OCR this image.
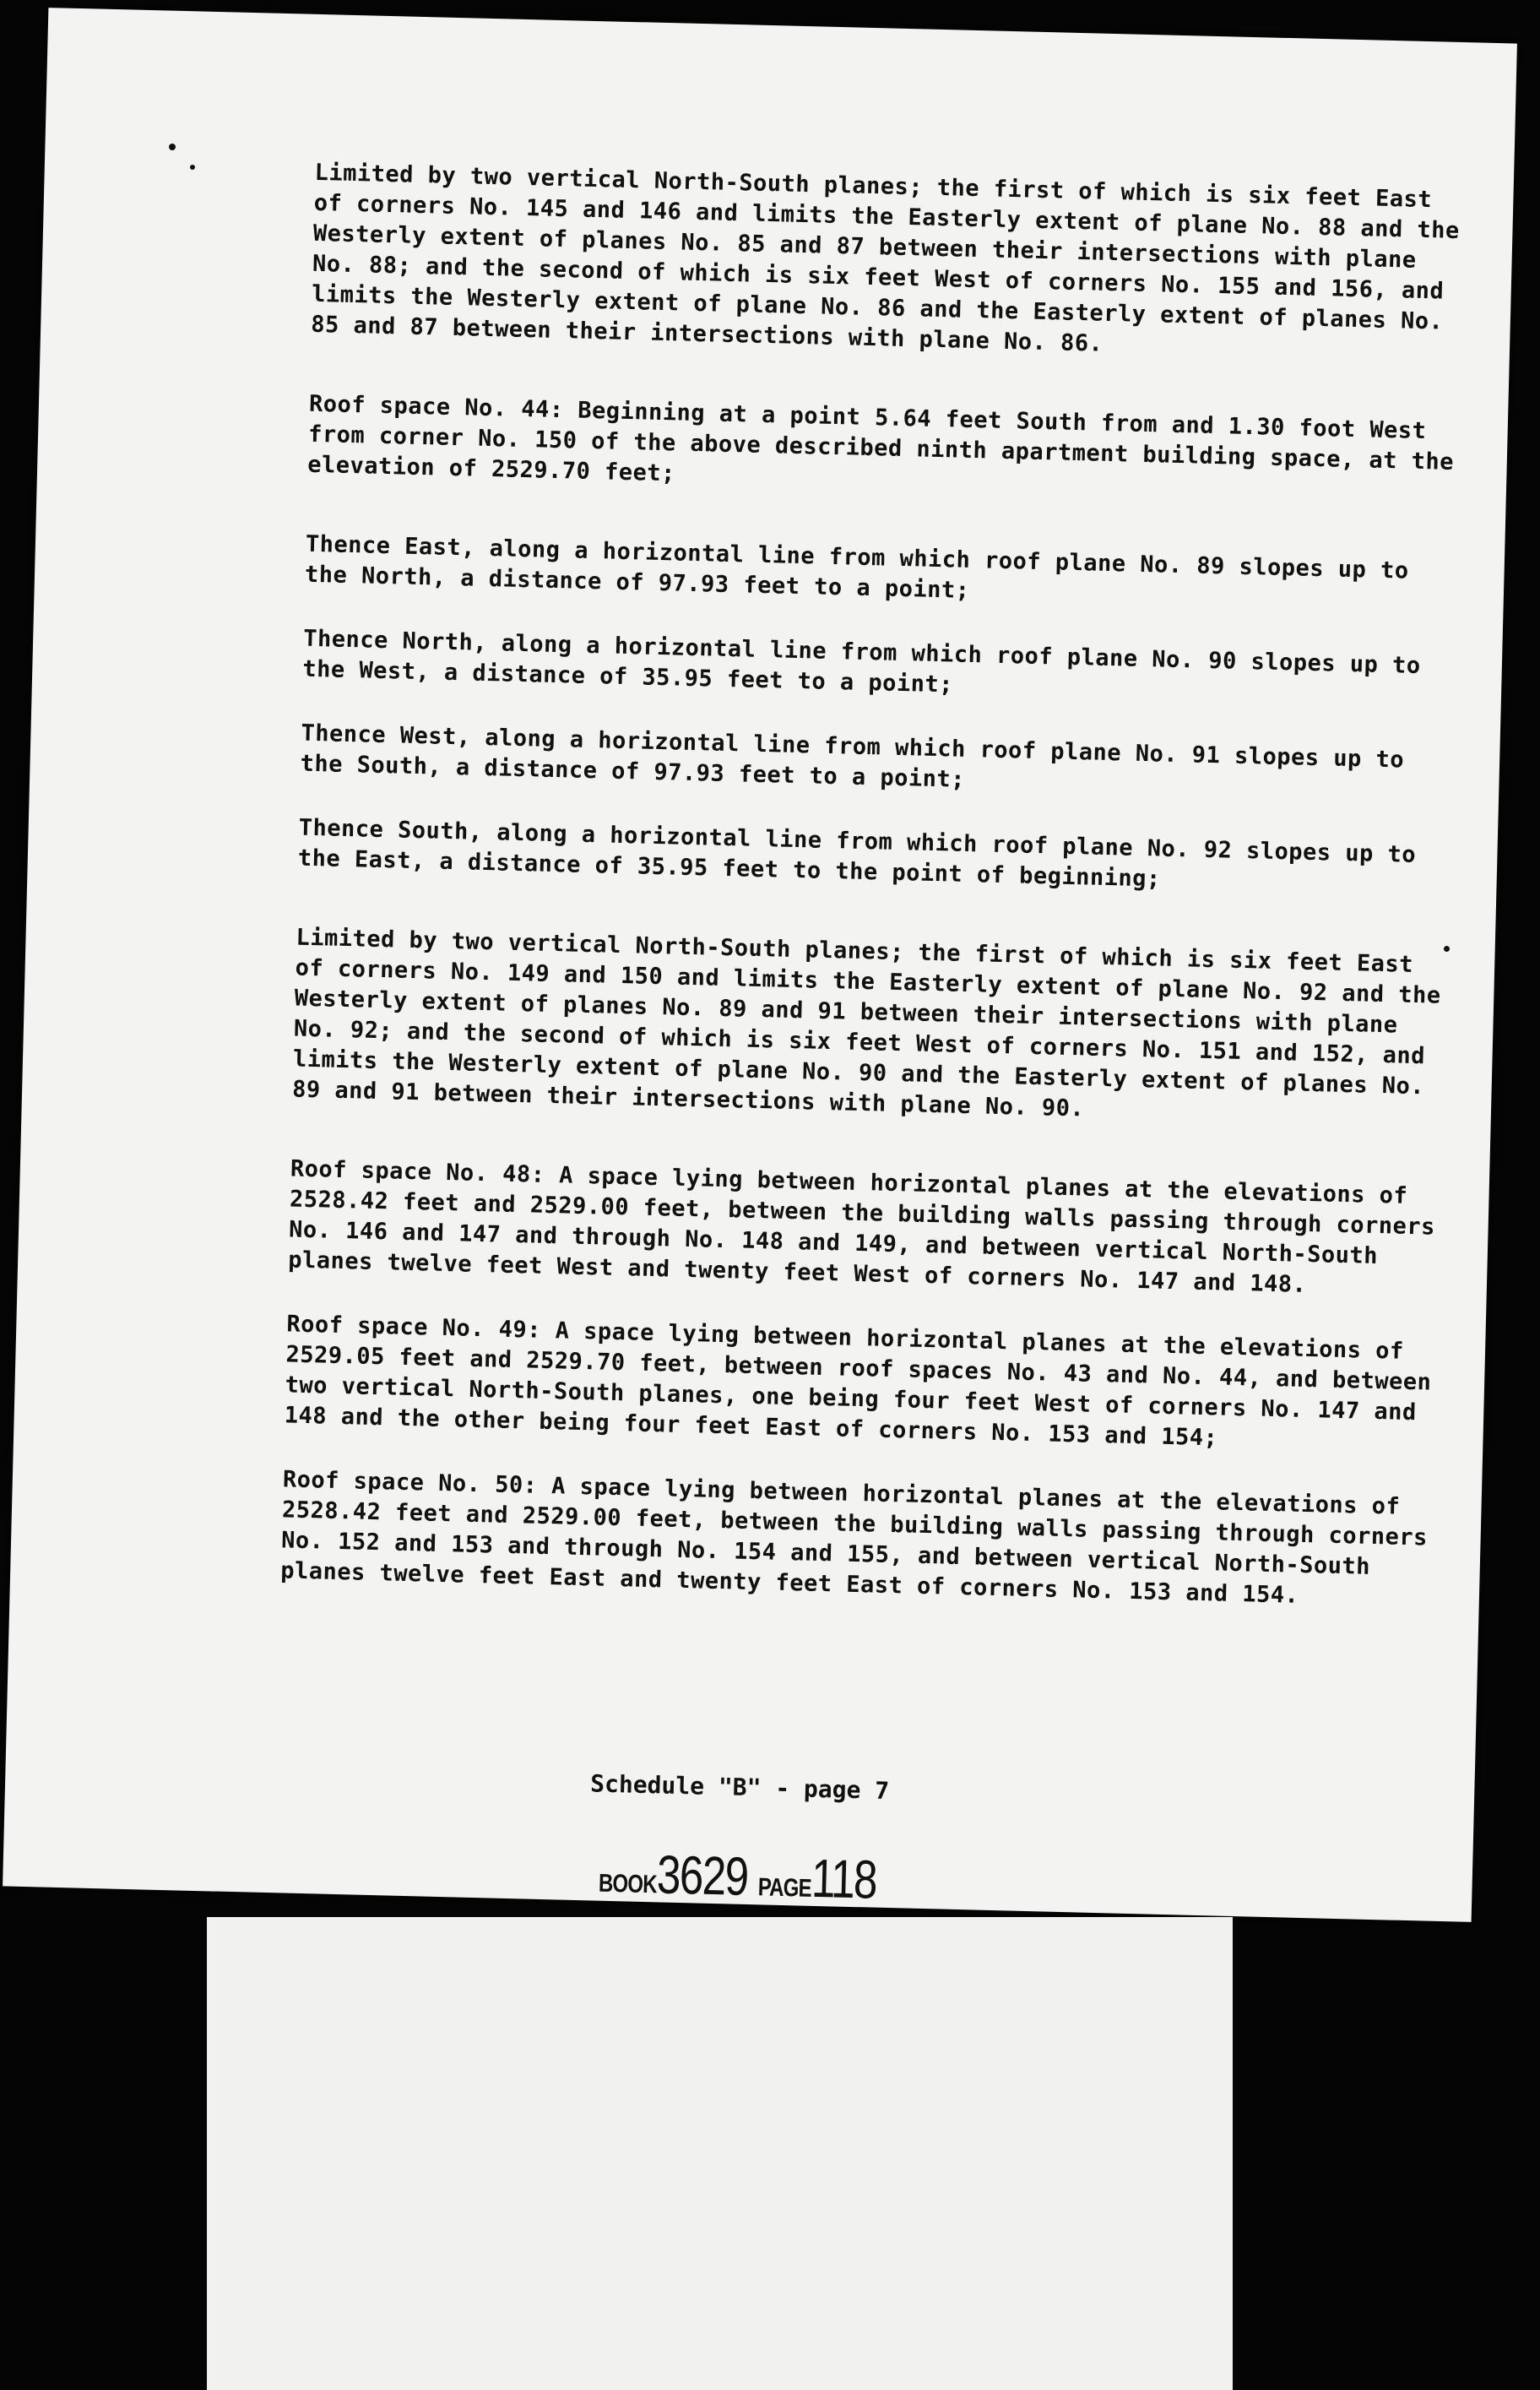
Limited by two vertical North-South planes; the first of which is six feet East of corners No. 145 and 146 and limits the Easterly extent of plane No. 88 and the Westerly extent of planes No. 85 and 87 between their intersections with plane No. 88; and the second of which is six feet West of corners No. 155 and 156, and limits the Westerly extent of plane No. 86 and the Easterly extent of planes No. 85 and 87 between their intersections with plane No. 86.

Roof space No. 44: Beginning at a point 5.64 feet South from and 1.30 foot West from corner No. 150 of the above described ninth apartment building space, at the elevation of 2529.70 feet;

Thence East, along a horizontal line from which roof plane No. 89 slopes up to the North, a distance of 97.93 feet to a point;

Thence North, along a horizontal line from which roof plane No. 90 slopes up to the West, a distance of 35.95 feet to a point;

Thence West, along a horizontal line from which roof plane No. 91 slopes up to the South, a distance of 97.93 feet to a point;

Thence South, along a horizontal line from which roof plane No. 92 slopes up to the East, a distance of 35.95 feet to the point of beginning;

Limited by two vertical North-South planes; the first of which is six feet East of corners No. 149 and 150 and limits the Easterly extent of plane No. 92 and the Westerly extent of planes No. 89 and 91 between their intersections with plane No. 92; and the second of which is six feet West of corners No. 151 and 152, and limits the Westerly extent of plane No. 90 and the Easterly extent of planes No. 89 and 91 between their intersections with plane No. 90.

Roof space No. 48: A space lying between horizontal planes at the elevations of 2528.42 feet and 2529.00 feet, between the building walls passing through corners No. 146 and 147 and through No. 148 and 149, and between vertical North-South planes twelve feet West and twenty feet West of corners No. 147 and 148.

Roof space No. 49: A space lying between horizontal planes at the elevations of 2529.05 feet and 2529.70 feet, between roof spaces No. 43 and No. 44, and between two vertical North-South planes, one being four feet West of corners No. 147 and 148 and the other being four feet East of corners No. 153 and 154;

Roof space No. 50: A space lying between horizontal planes at the elevations of 2528.42 feet and 2529.00 feet, between the building walls passing through corners No. 152 and 153 and through No. 154 and 155, and between vertical North-South planes twelve feet East and twenty feet East of corners No. 153 and 154.

Schedule "B" - page 7
BOOK3629 PAGE118
